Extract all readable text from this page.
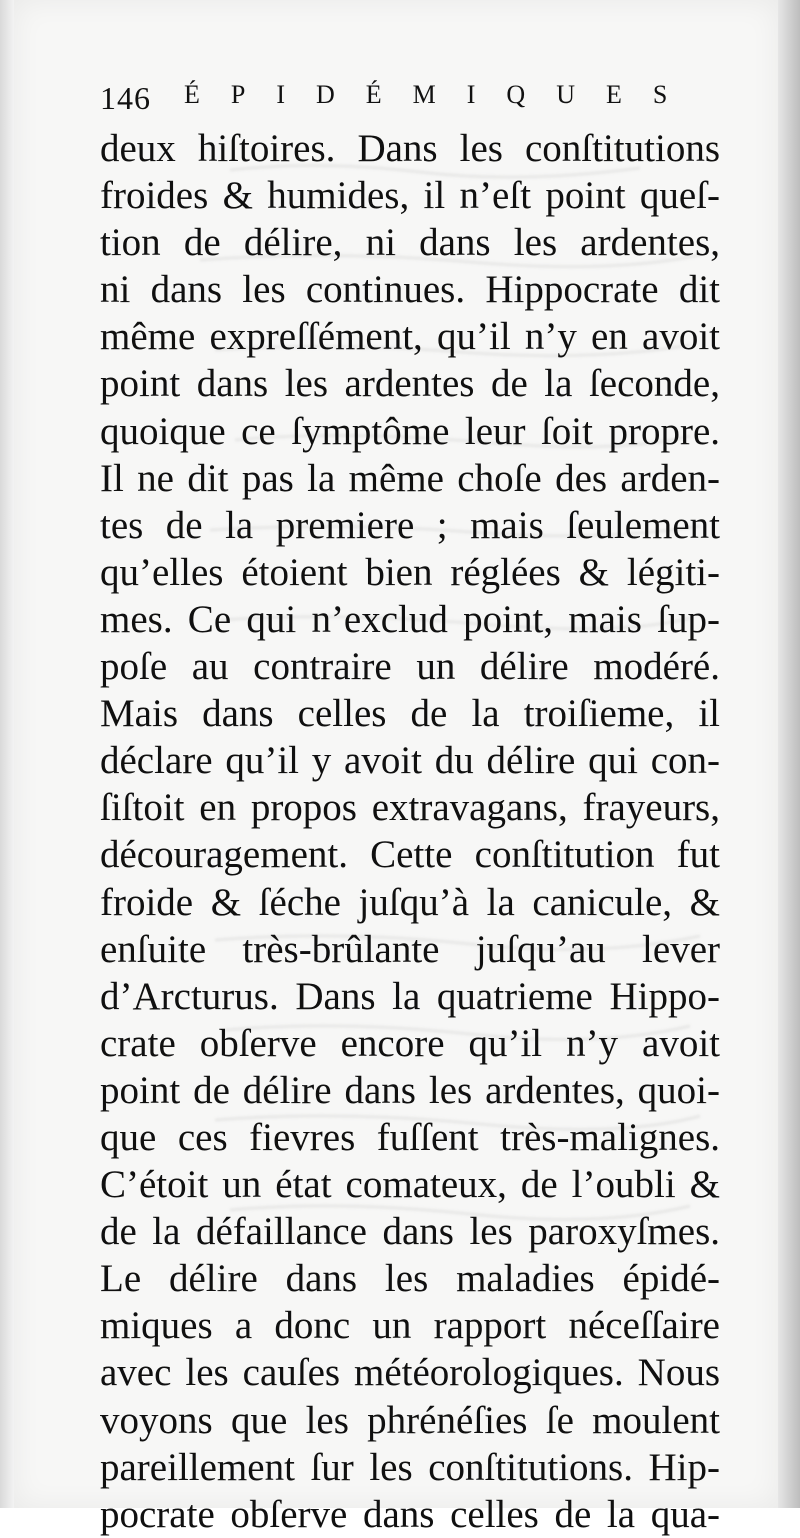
146 ÉPIDÉMIQUES
deux hiſtoires. Dans les conſtitutions
froides & humides, il n’eſt point queſ-
tion de délire, ni dans les ardentes,
ni dans les continues. Hippocrate dit
même expreſſément, qu’il n’y en avoit
point dans les ardentes de la ſeconde,
quoique ce ſymptôme leur ſoit propre.
Il ne dit pas la même choſe des arden-
tes de la premiere ; mais ſeulement
qu’elles étoient bien réglées & légiti-
mes. Ce qui n’exclud point, mais ſup-
poſe au contraire un délire modéré.
Mais dans celles de la troiſieme, il
déclare qu’il y avoit du délire qui con-
ſiſtoit en propos extravagans, frayeurs,
découragement. Cette conſtitution fut
froide & ſéche juſqu’à la canicule, &
enſuite très-brûlante juſqu’au lever
d’Arcturus. Dans la quatrieme Hippo-
crate obſerve encore qu’il n’y avoit
point de délire dans les ardentes, quoi-
que ces fievres fuſſent très-malignes.
C’étoit un état comateux, de l’oubli &
de la défaillance dans les paroxyſmes.
Le délire dans les maladies épidé-
miques a donc un rapport néceſſaire
avec les cauſes météorologiques. Nous
voyons que les phrénéſies ſe moulent
pareillement ſur les conſtitutions. Hip-
pocrate obſerve dans celles de la qua-
